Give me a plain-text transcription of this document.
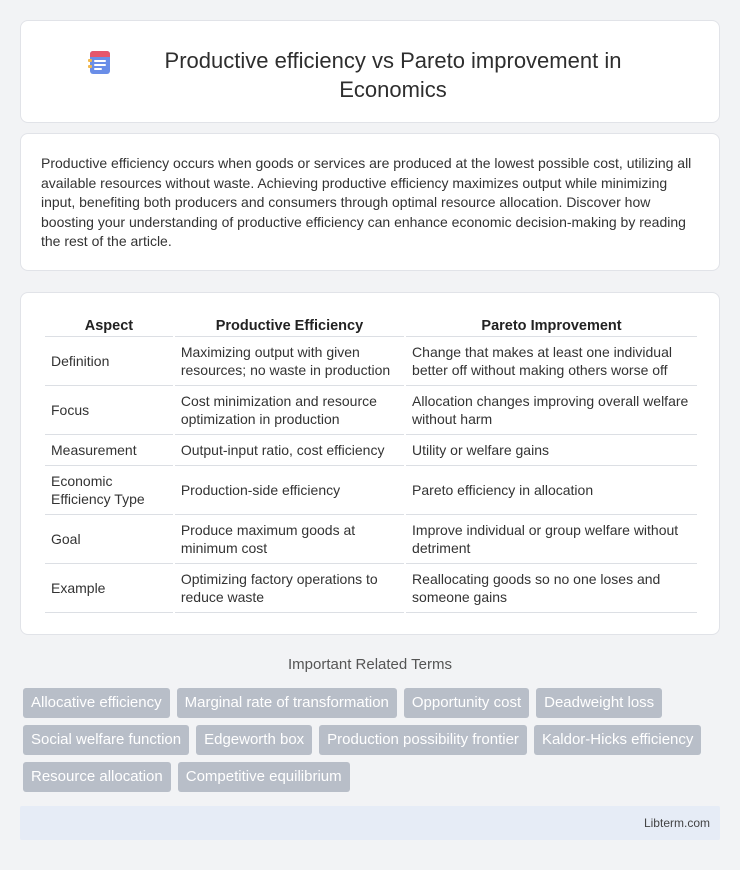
Productive efficiency vs Pareto improvement in Economics

Productive efficiency occurs when goods or services are produced at the lowest possible cost, utilizing all available resources without waste. Achieving productive efficiency maximizes output while minimizing input, benefiting both producers and consumers through optimal resource allocation. Discover how boosting your understanding of productive efficiency can enhance economic decision-making by reading the rest of the article.

Aspect	Productive Efficiency	Pareto Improvement
Definition	Maximizing output with given resources; no waste in production	Change that makes at least one individual better off without making others worse off
Focus	Cost minimization and resource optimization in production	Allocation changes improving overall welfare without harm
Measurement	Output-input ratio, cost efficiency	Utility or welfare gains
Economic Efficiency Type	Production-side efficiency	Pareto efficiency in allocation
Goal	Produce maximum goods at minimum cost	Improve individual or group welfare without detriment
Example	Optimizing factory operations to reduce waste	Reallocating goods so no one loses and someone gains
Important Related Terms
Allocative efficiency	Marginal rate of transformation	Opportunity cost	Deadweight loss
Social welfare function	Edgeworth box	Production possibility frontier	Kaldor-Hicks efficiency
Resource allocation	Competitive equilibrium
Libterm.com
